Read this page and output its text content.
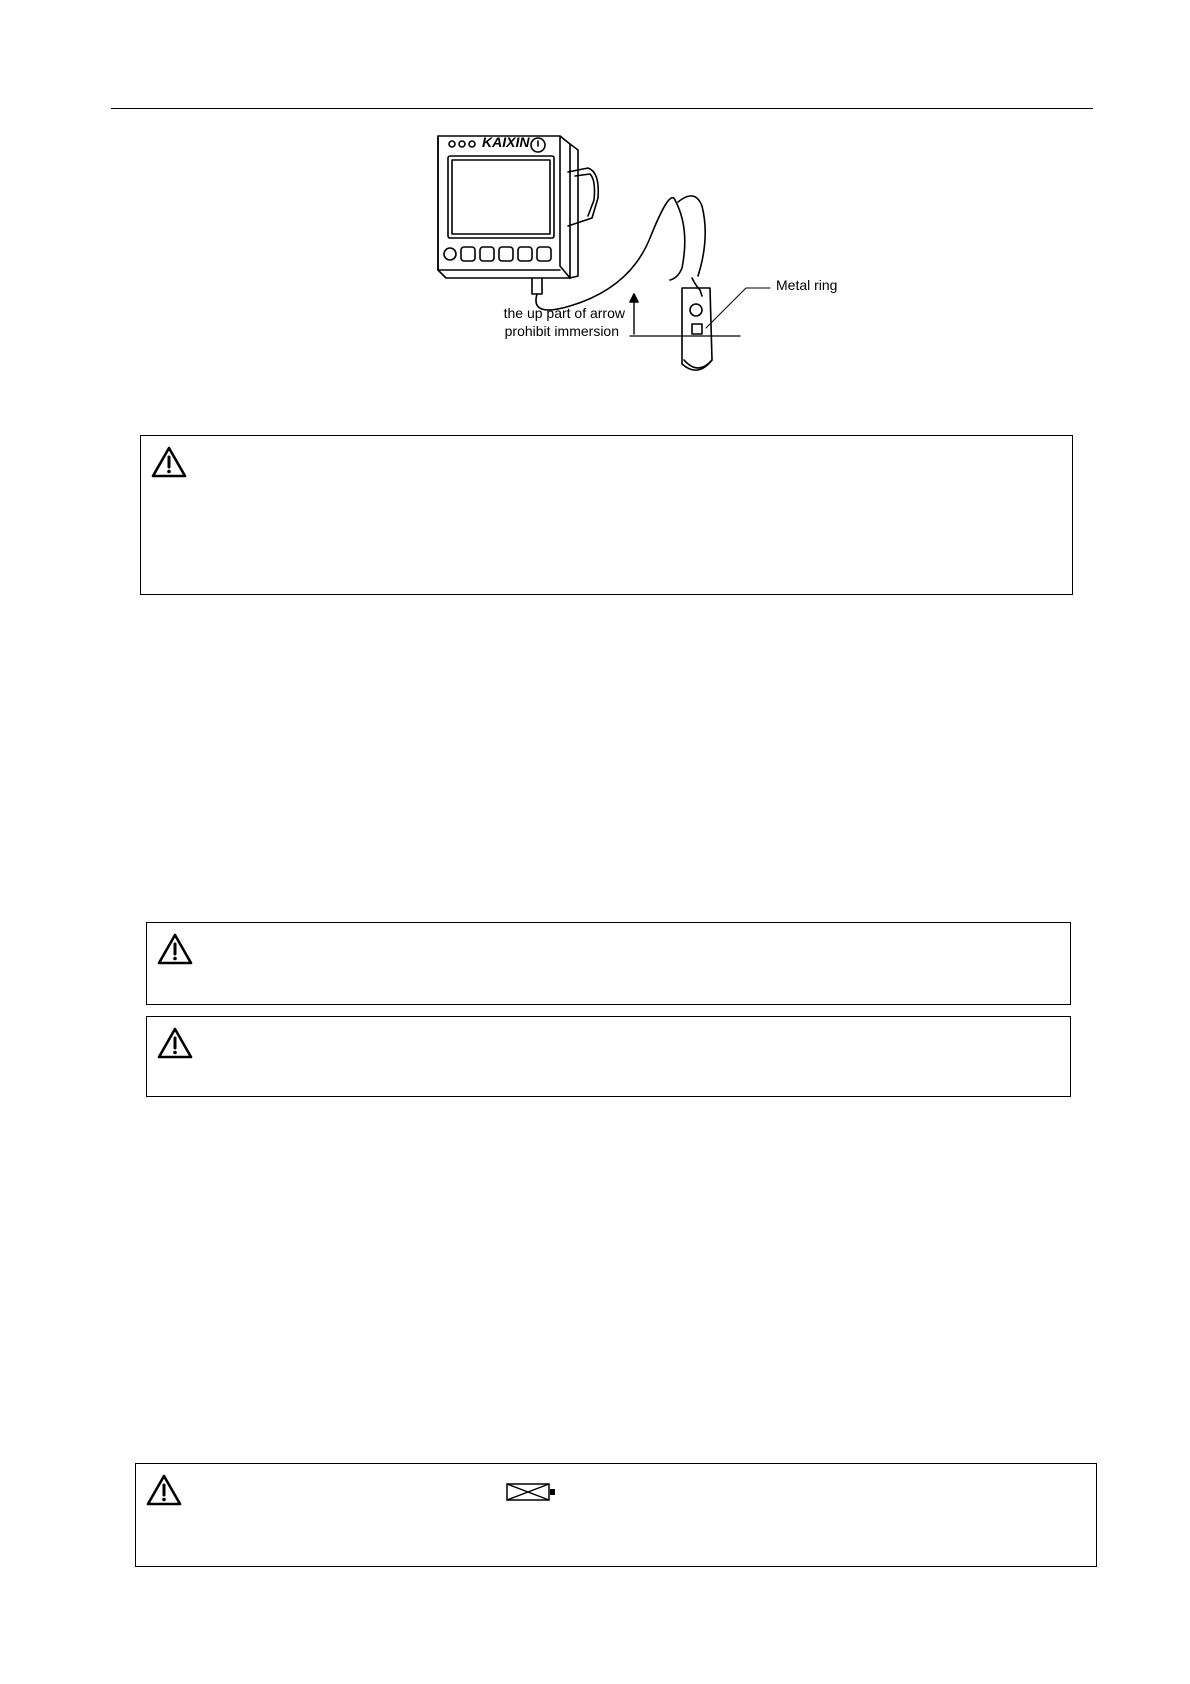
KAIXIN
Metal ring
the up part of arrow
prohibit immersion
